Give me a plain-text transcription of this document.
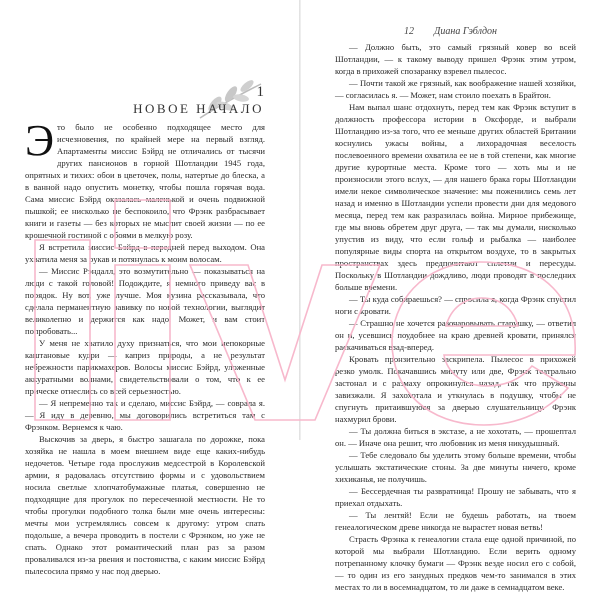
1
НОВОЕ НАЧАЛО

Это было не особенно подходящее место для исчезновения, по крайней мере на первый взгляд. Апартаменты миссис Бэйрд не отличались от тысячи других пансионов в горной Шотландии 1945 года, опрятных и тихих: обои в цветочек, полы, натертые до блеска, а в ванной надо опустить монетку, чтобы пошла горячая вода. Сама миссис Бэйрд оказалась маленькой и очень подвижной пышкой; ее нисколько не беспокоило, что Фрэнк разбрасывает книги и газеты — без которых не мыслит своей жизни — по ее крошечной гостиной с обоями в мелкую розу.

Я встретила миссис Бэйрд в передней перед выходом. Она ухватила меня за рукав и потянулась к моим волосам.

— Миссис Рэндалл, это возмутительно — показываться на люди с такой головой! Подождите, я немного приведу вас в порядок. Ну вот, уже лучше. Моя кузина рассказывала, что сделала перманентную завивку по новой технологии, выглядит великолепно и держится как надо. Может, и вам стоит попробовать...

У меня не хватило духу признаться, что мои непокорные каштановые кудри — каприз природы, а не результат небрежности парикмахеров. Волосы миссис Бэйрд, уложенные аккуратными волнами, свидетельствовали о том, что к ее прическе отнеслись со всей серьезностью.

— Я непременно так и сделаю, миссис Бэйрд, — соврала я. — Я иду в деревню, мы договорились встретиться там с Фрэнком. Вернемся к чаю.

Выскочив за дверь, я быстро зашагала по дорожке, пока хозяйка не нашла в моем внешнем виде еще каких-нибудь недочетов. Четыре года прослужив медсестрой в Королевской армии, я радовалась отсутствию формы и с удовольствием носила светлые хлопчатобумажные платья, совершенно не подходящие для прогулок по пересеченной местности. Не то чтобы прогулки подобного толка были мне очень интересны: мечты мои устремлялись совсем к другому: утром спать подольше, а вечера проводить в постели с Фрэнком, но уже не спать. Однако этот романтический план раз за разом проваливался из-за рвения и постоянства, с каким миссис Бэйрд пылесосила прямо у нас под дверью.

12 Диана Гэблдон

— Должно быть, это самый грязный ковер во всей Шотландии, — к такому выводу пришел Фрэнк этим утром, когда в прихожей спозаранку взревел пылесос.

— Почти такой же грязный, как воображение нашей хозяйки, — согласилась я. — Может, нам стоило поехать в Брайтон.

Нам выпал шанс отдохнуть, перед тем как Фрэнк вступит в должность профессора истории в Оксфорде, и выбрали Шотландию из-за того, что ее меньше других областей Британии коснулись ужасы войны, а лихорадочная веселость послевоенного времени охватила ее не в той степени, как многие другие курортные места. Кроме того — хоть мы и не произносили этого вслух, — для нашего брака горы Шотландии имели некое символическое значение: мы поженились семь лет назад и именно в Шотландии успели провести дни для медового месяца, перед тем как разразилась война. Мирное прибежище, где мы вновь обретем друг друга, — так мы думали, нисколько упустив из виду, что если гольф и рыбалка — наиболее популярные виды спорта на открытом воздухе, то в закрытых пространствах здесь предпочитают сплетни и пересуды. Поскольку в Шотландии дождливо, люди проводят в последних больше времени.

— Ты куда собираешься? — спросила я, когда Фрэнк спустил ноги с кровати.

— Страшно не хочется разочаровывать старушку, — ответил он и, усевшись поудобнее на краю древней кровати, принялся раскачиваться взад-вперед.

Кровать пронзительно заскрипела. Пылесос в прихожей резко умолк. Покачавшись минуту или две, Фрэнк театрально застонал и с размаху опрокинулся назад, так что пружины завизжали. Я захохотала и уткнулась в подушку, чтобы не спугнуть притаившуюся за дверью слушательницу. Фрэнк нахмурил брови.

— Ты должна биться в экстазе, а не хохотать, — прошептал он. — Иначе она решит, что любовник из меня никудышный.

— Тебе следовало бы уделить этому больше времени, чтобы услышать экстатические стоны. За две минуты ничего, кроме хихиканья, не получишь.

— Бессердечная ты развратница! Прошу не забывать, что я приехал отдыхать.

— Ты лентяй! Если не будешь работать, на твоем генеалогическом древе никогда не вырастет новая ветвь!

Страсть Фрэнка к генеалогии стала еще одной причиной, по которой мы выбрали Шотландию. Если верить одному потрепанному клочку бумаги — Фрэнк везде носил его с собой, — то один из его занудных предков чем-то занимался в этих местах то ли в восемнадцатом, то ли даже в семнадцатом веке.
